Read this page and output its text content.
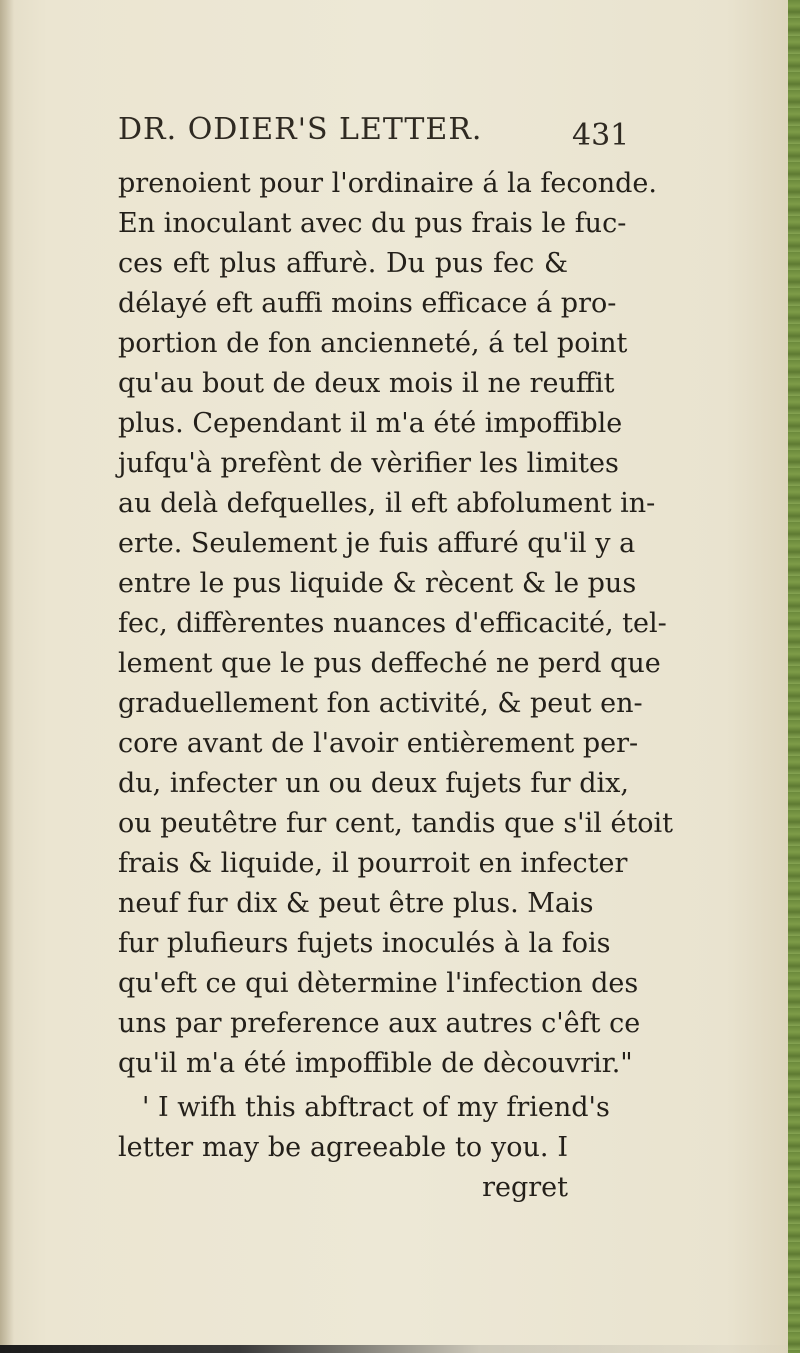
DR. ODIER'S LETTER.	431
prenoient pour l'ordinaire á la feconde.
En inoculant avec du pus frais le fuc-
ces eft plus affurè. Du pus fec &
délayé eft auffi moins efficace á pro-
portion de fon ancienneté, á tel point
qu'au bout de deux mois il ne reuffit
plus. Cependant il m'a été impoffible
jufqu'à prefènt de vèrifier les limites
au delà defquelles, il eft abfolument in-
erte. Seulement je fuis affuré qu'il y a
entre le pus liquide & rècent & le pus
fec, diffèrentes nuances d'efficacité, tel-
lement que le pus deffeché ne perd que
graduellement fon activité, & peut en-
core avant de l'avoir entièrement per-
du, infecter un ou deux fujets fur dix,
ou peutêtre fur cent, tandis que s'il étoit
frais & liquide, il pourroit en infecter
neuf fur dix & peut être plus. Mais
fur plufieurs fujets inoculés à la fois
qu'eft ce qui dètermine l'infection des
uns par preference aux autres c'êft ce
qu'il m'a été impoffible de dècouvrir."
' I wifh this abftract of my friend's
letter may be agreeable to you. I
regret
